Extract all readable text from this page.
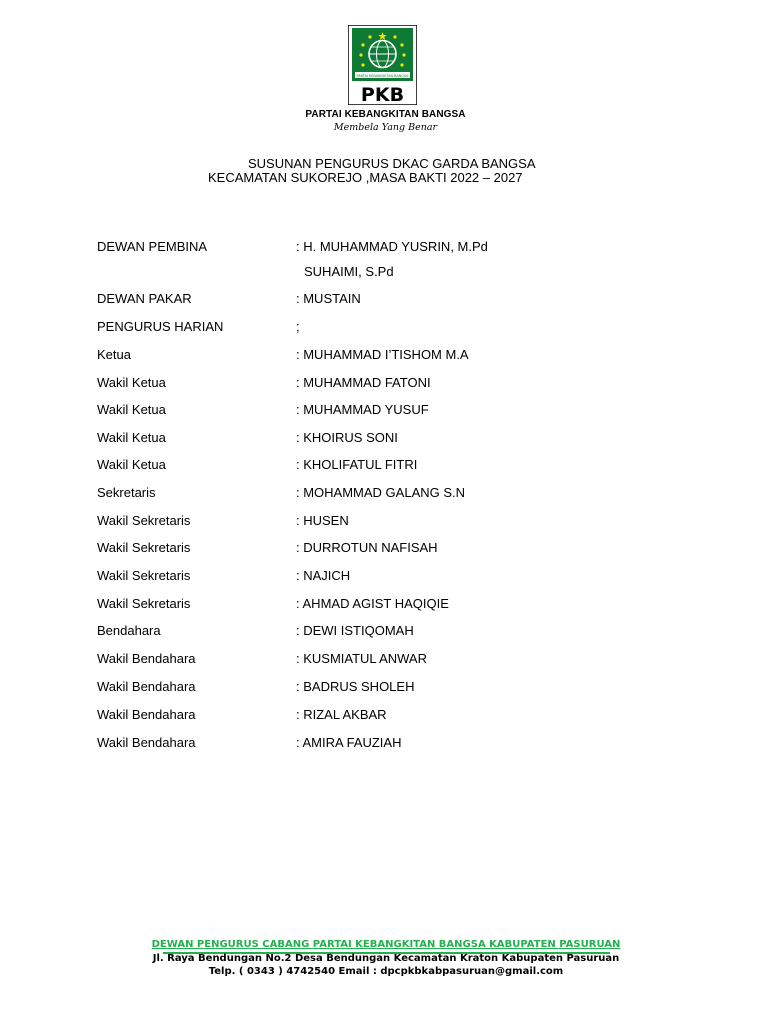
PARTAI KEBANGKITAN BANGSA
PKB
PARTAI KEBANGKITAN BANGSA
Membela Yang Benar
SUSUNAN PENGURUS DKAC GARDA BANGSA
KECAMATAN SUKOREJO ,MASA BAKTI 2022 – 2027
DEWAN PEMBINA	: H. MUHAMMAD YUSRIN, M.Pd
SUHAIMI, S.Pd
DEWAN PAKAR	: MUSTAIN
PENGURUS HARIAN	;
Ketua	: MUHAMMAD I’TISHOM M.A
Wakil Ketua	: MUHAMMAD FATONI
Wakil Ketua	: MUHAMMAD YUSUF
Wakil Ketua	: KHOIRUS SONI
Wakil Ketua	: KHOLIFATUL FITRI
Sekretaris	: MOHAMMAD GALANG S.N
Wakil Sekretaris	: HUSEN
Wakil Sekretaris	: DURROTUN NAFISAH
Wakil Sekretaris	: NAJICH
Wakil Sekretaris	: AHMAD AGIST HAQIQIE
Bendahara	: DEWI ISTIQOMAH
Wakil Bendahara	: KUSMIATUL ANWAR
Wakil Bendahara	: BADRUS SHOLEH
Wakil Bendahara	: RIZAL AKBAR
Wakil Bendahara	: AMIRA FAUZIAH
DEWAN PENGURUS CABANG PARTAI KEBANGKITAN BANGSA KABUPATEN PASURUAN
Jl. Raya Bendungan No.2 Desa Bendungan Kecamatan Kraton Kabupaten Pasuruan
Telp. ( 0343 ) 4742540 Email : dpcpkbkabpasuruan@gmail.com
